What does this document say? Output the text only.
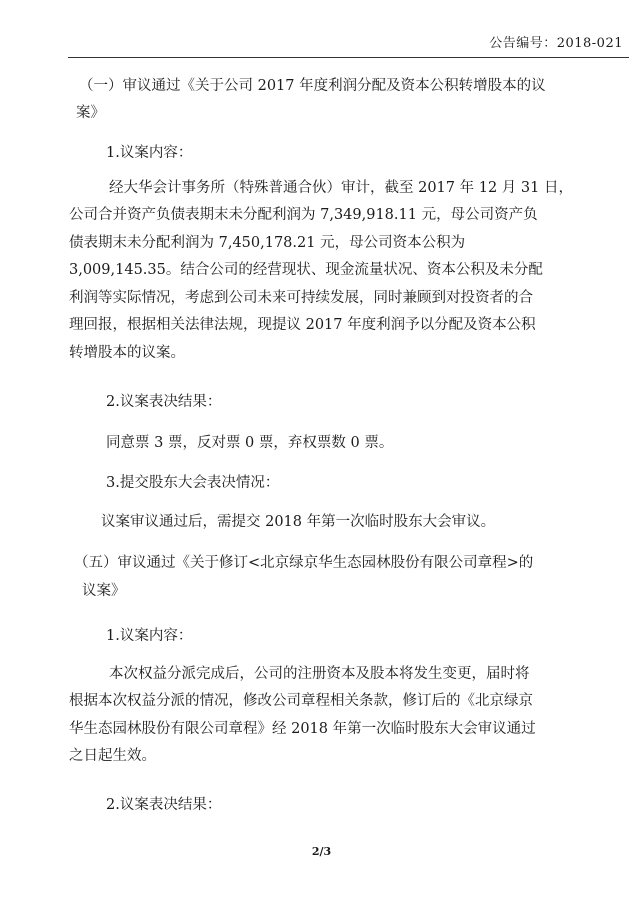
公告编号：2018-021
（一）审议通过《关于公司 2017 年度利润分配及资本公积转增股本的议
案》
1.议案内容：
经大华会计事务所（特殊普通合伙）审计，截至 2017 年 12 月 31 日，
公司合并资产负债表期末未分配利润为 7,349,918.11 元，母公司资产负
债表期末未分配利润为 7,450,178.21 元，母公司资本公积为
3,009,145.35。结合公司的经营现状、现金流量状况、资本公积及未分配
利润等实际情况，考虑到公司未来可持续发展，同时兼顾到对投资者的合
理回报，根据相关法律法规，现提议 2017 年度利润予以分配及资本公积
转增股本的议案。
2.议案表决结果：
同意票 3 票，反对票 0 票，弃权票数 0 票。
3.提交股东大会表决情况：
议案审议通过后，需提交 2018 年第一次临时股东大会审议。
（五）审议通过《关于修订<北京绿京华生态园林股份有限公司章程>的
议案》
1.议案内容：
本次权益分派完成后，公司的注册资本及股本将发生变更，届时将
根据本次权益分派的情况，修改公司章程相关条款，修订后的《北京绿京
华生态园林股份有限公司章程》经 2018 年第一次临时股东大会审议通过
之日起生效。
2.议案表决结果：
2/3
